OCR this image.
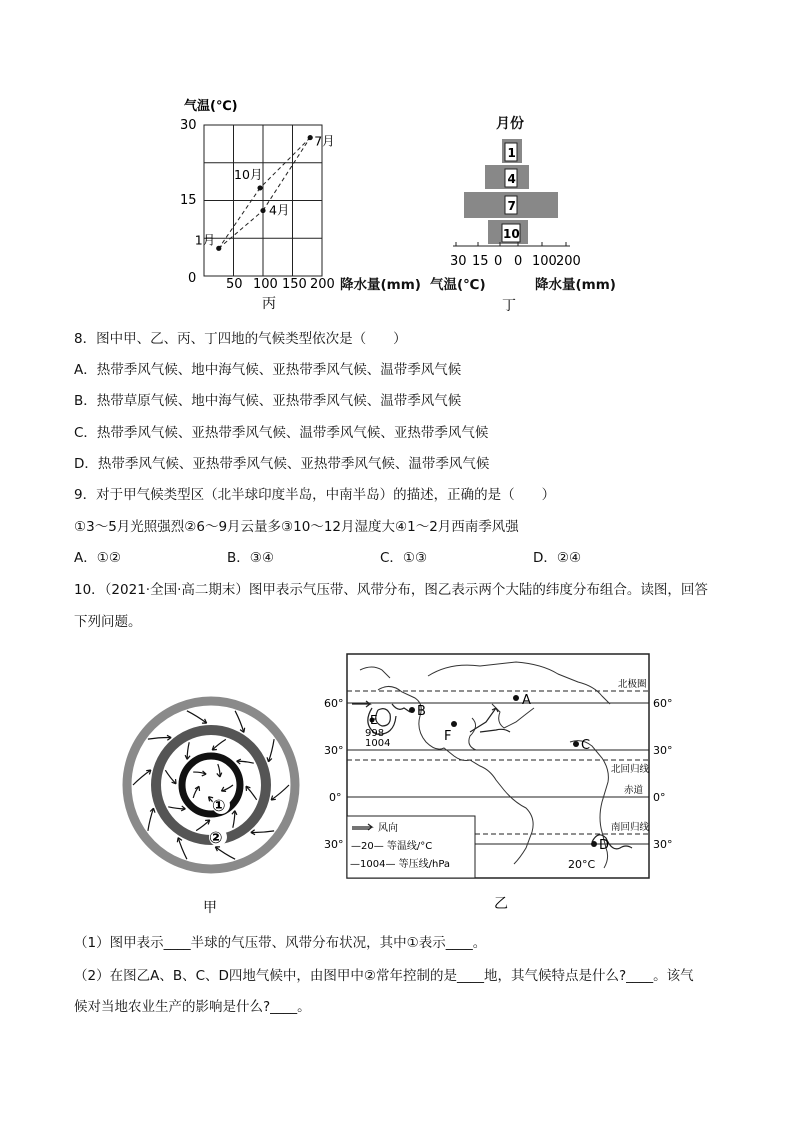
气温(℃)
30
15
0 50 100 150 200
丙
1月
4月
7月
10月
降水量(mm)
月份
1
4
7
10
30 15 0 0 100 200
丁
气温(℃)	降水量(mm)
8．图中甲、乙、丙、丁四地的气候类型依次是（　　）
A．热带季风气候、地中海气候、亚热带季风气候、温带季风气候
B．热带草原气候、地中海气候、亚热带季风气候、温带季风气候
C．热带季风气候、亚热带季风气候、温带季风气候、亚热带季风气候
D．热带季风气候、亚热带季风气候、亚热带季风气候、温带季风气候
9．对于甲气候类型区（北半球印度半岛，中南半岛）的描述，正确的是（　　）
①3～5月光照强烈②6～9月云量多③10～12月湿度大④1～2月西南季风强
A．①②	B．③④	C．①③	D．②④
10．（2021·全国·高二期末）图甲表示气压带、风带分布，图乙表示两个大陆的纬度分布组合。读图，回答
下列问题。
①
②
甲
A
B
C
D
E
F
998
1004
60°
30°
0°
30°
60°
30°
0°
30°
北极圈
北回归线
赤道
南回归线
风向
—20— 等温线/°C
—1004— 等压线/hPa	20°C
乙
（1）图甲表示____半球的气压带、风带分布状况，其中①表示____。
（2）在图乙A、B、C、D四地气候中，由图甲中②常年控制的是____地，其气候特点是什么?____。该气
候对当地农业生产的影响是什么?____。
